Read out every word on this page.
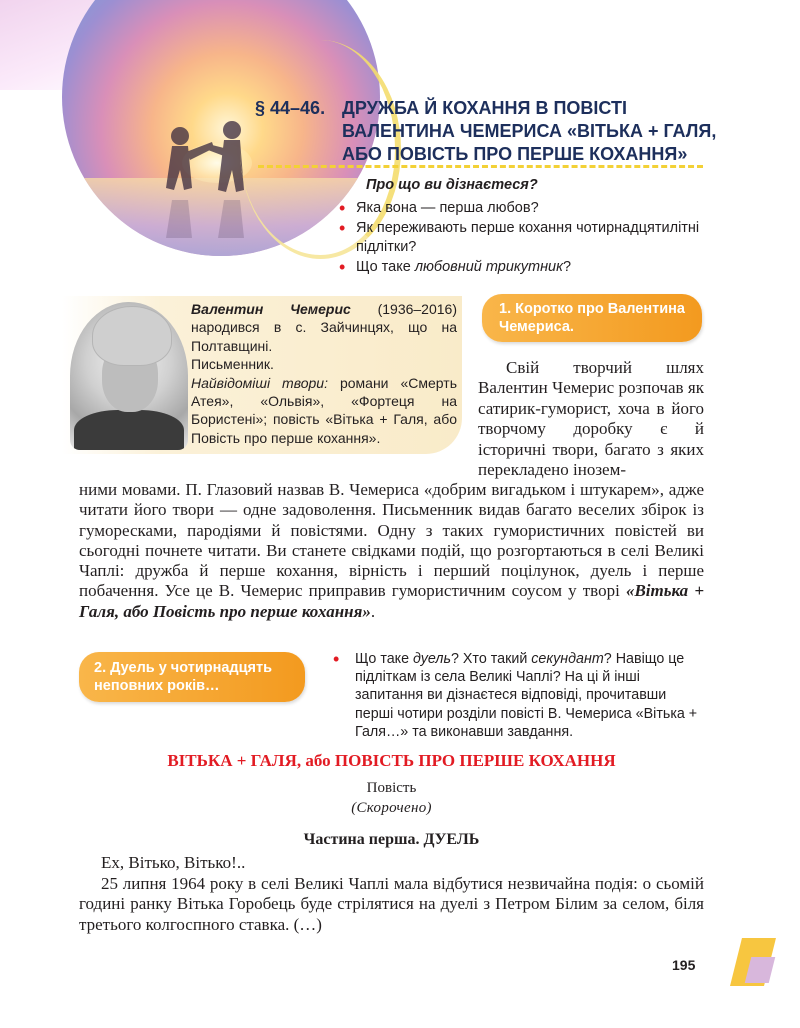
§ 44–46. ДРУЖБА Й КОХАННЯ В ПОВІСТІ ВАЛЕНТИНА ЧЕМЕРИСА «ВІТЬКА + ГАЛЯ, АБО ПОВІСТЬ ПРО ПЕРШЕ КОХАННЯ»
Про що ви дізнаєтеся?
• Яка вона — перша любов?
• Як переживають перше кохання чотирнадцятилітні підлітки?
• Що таке любовний трикутник?

Валентин Чемерис (1936–2016) народився в с. Зайчинцях, що на Полтавщині.

Письменник.

Найвідоміші твори: романи «Смерть Атея», «Ольвія», «Фортеця на Бористені»; повість «Вітька + Галя, або Повість про перше кохання».

1. Коротко про Валентина Чемериса.

Свій творчий шлях Валентин Чемерис розпочав як сатирик-гуморист, хоча в його творчому доробку є й історичні твори, багато з яких перекладено інозем-

ними мовами. П. Глазовий назвав В. Чемериса «добрим вигадьком і штукарем», адже читати його твори — одне задоволення. Письменник видав багато веселих збірок із гуморесками, пародіями й повістями. Одну з таких гумористичних повістей ви сьогодні почнете читати. Ви станете свідками подій, що розгортаються в селі Великі Чаплі: дружба й перше кохання, вірність і перший поцілунок, дуель і перше побачення. Усе це В. Чемерис приправив гумористичним соусом у творі «Вітька + Галя, або Повість про перше кохання».

2. Дуель у чотирнадцять неповних років…

• Що таке дуель? Хто такий секундант? Навіщо це підліткам із села Великі Чаплі? На ці й інші запитання ви дізнаєтеся відповіді, прочитавши перші чотири розділи повісті В. Чемериса «Вітька + Галя…» та виконавши завдання.

ВІТЬКА + ГАЛЯ, або ПОВІСТЬ ПРО ПЕРШЕ КОХАННЯ
Повість
(Скорочено)
Частина перша. ДУЕЛЬ

Ех, Вітько, Вітько!..

25 липня 1964 року в селі Великі Чаплі мала відбутися незвичайна подія: о сьомій годині ранку Вітька Горобець буде стрілятися на дуелі з Петром Білим за селом, біля третього колгоспного ставка. (…)

195
